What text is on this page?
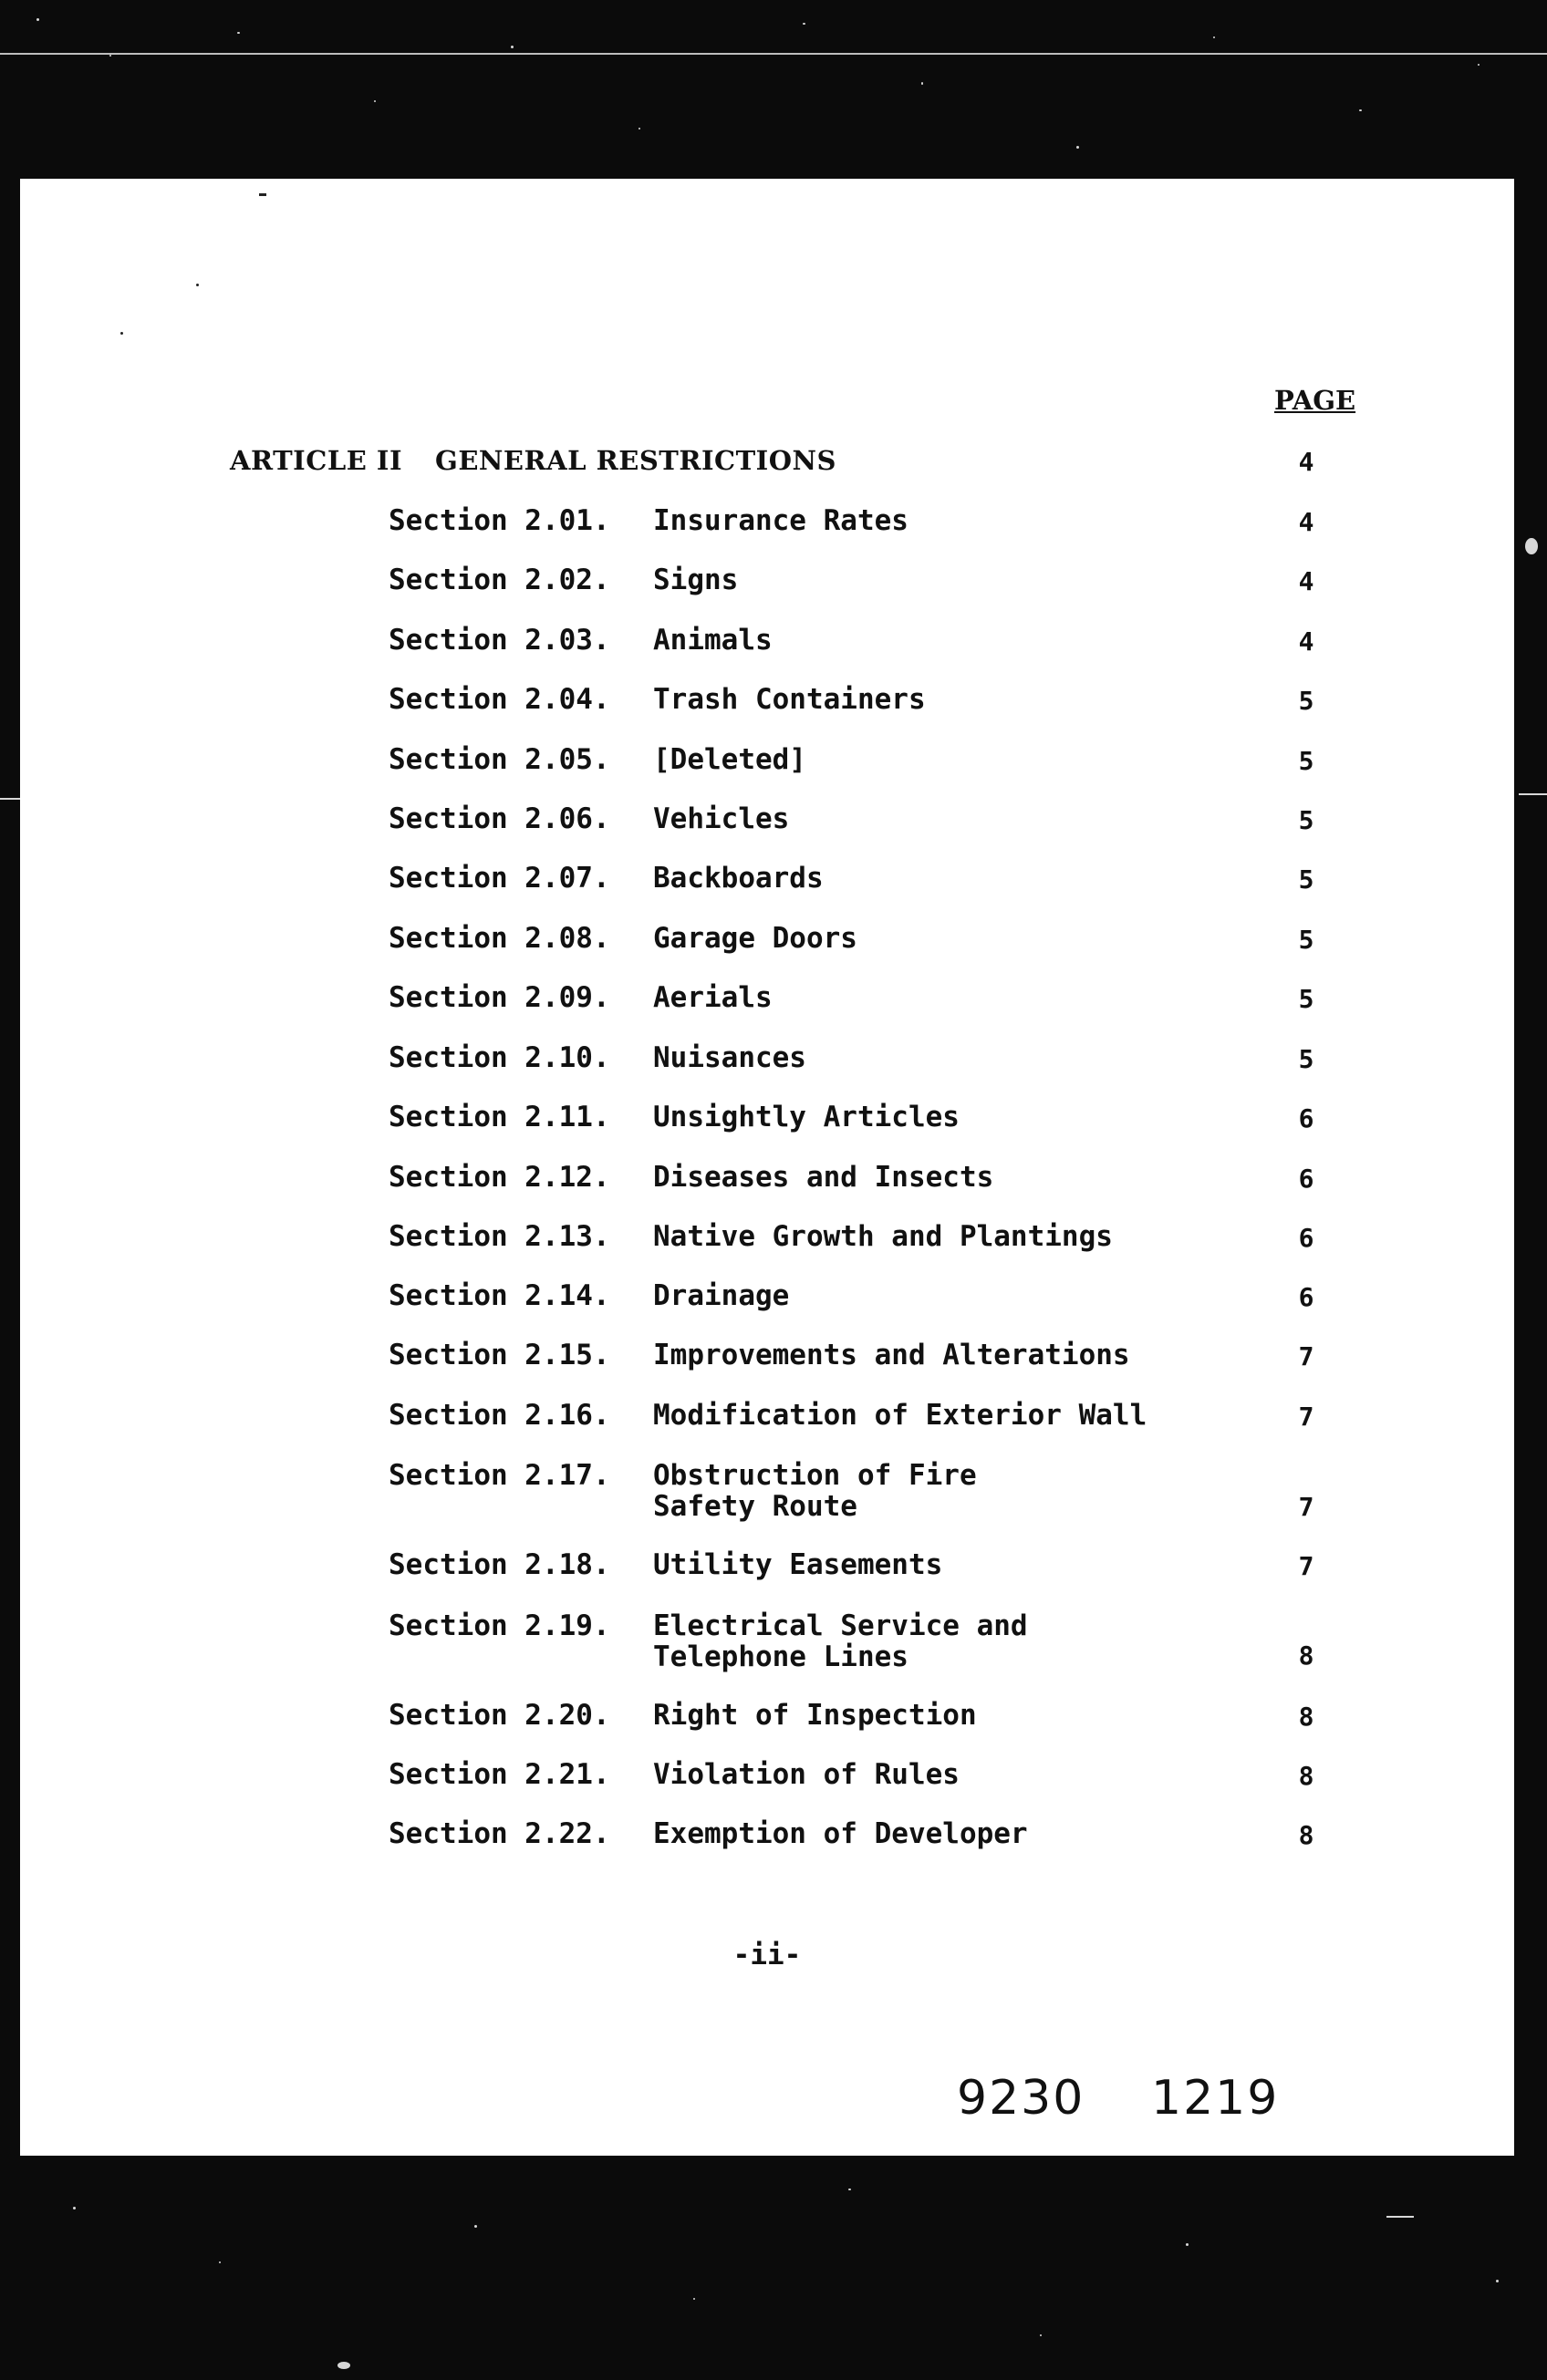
PAGE
ARTICLE II GENERAL RESTRICTIONS	4
Section 2.01. Insurance Rates	4
Section 2.02. Signs	4
Section 2.03. Animals	4
Section 2.04. Trash Containers	5
Section 2.05. [Deleted]	5
Section 2.06. Vehicles	5
Section 2.07. Backboards	5
Section 2.08. Garage Doors	5
Section 2.09. Aerials	5
Section 2.10. Nuisances	5
Section 2.11. Unsightly Articles	6
Section 2.12. Diseases and Insects	6
Section 2.13. Native Growth and Plantings	6
Section 2.14. Drainage	6
Section 2.15. Improvements and Alterations	7
Section 2.16. Modification of Exterior Wall	7
Section 2.17. Obstruction of Fire Safety Route	7
Section 2.18. Utility Easements	7
Section 2.19. Electrical Service and Telephone Lines	8
Section 2.20. Right of Inspection	8
Section 2.21. Violation of Rules	8
Section 2.22. Exemption of Developer	8
-ii-
9230 1219
